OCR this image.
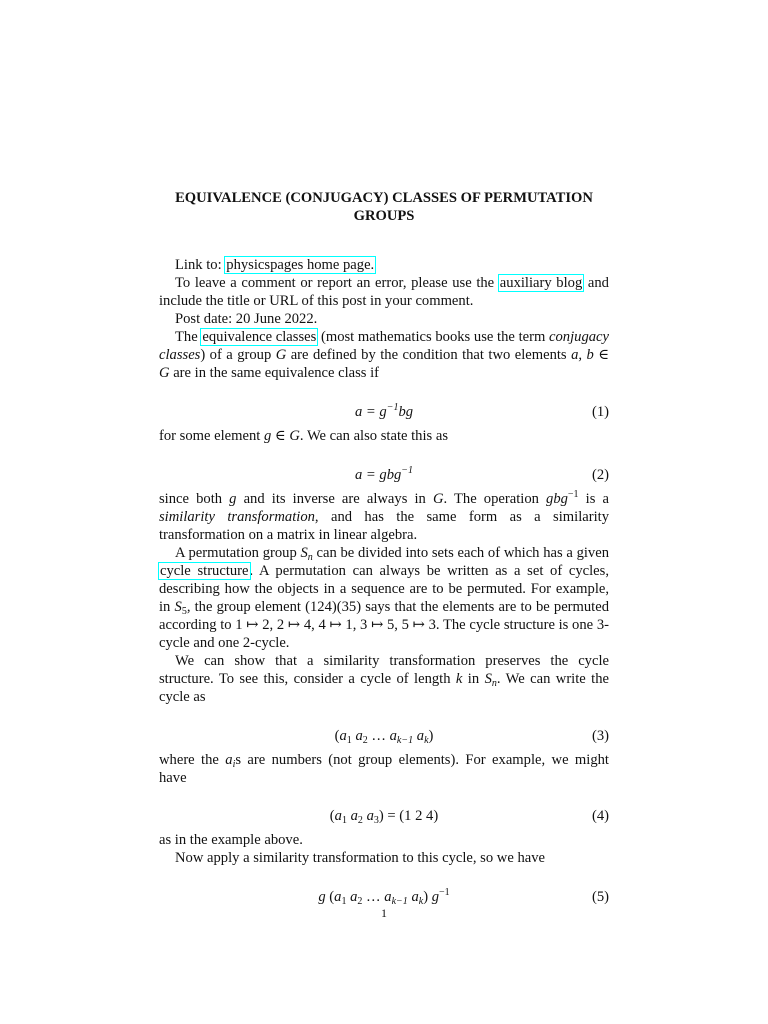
EQUIVALENCE (CONJUGACY) CLASSES OF PERMUTATION GROUPS

Link to: physicspages home page.

To leave a comment or report an error, please use the auxiliary blog and include the title or URL of this post in your comment.

Post date: 20 June 2022.

The equivalence classes (most mathematics books use the term conjugacy classes) of a group G are defined by the condition that two elements a, b ∈ G are in the same equivalence class if

$a = g^{-1}bg$	(1)

for some element g ∈ G. We can also state this as

a = gbg$^{-1}$	(2)

since both g and its inverse are always in G. The operation gbg$^{-1}$ is a similarity transformation, and has the same form as a similarity transformation on a matrix in linear algebra.

A permutation group $S_n$ can be divided into sets each of which has a given cycle structure. A permutation can always be written as a set of cycles, describing how the objects in a sequence are to be permuted. For example, in $S_5$, the group element (124)(35) says that the elements are to be permuted according to 1 ↦ 2, 2 ↦ 4, 4 ↦ 1, 3 ↦ 5, 5 ↦ 3. The cycle structure is one 3-cycle and one 2-cycle.

We can show that a similarity transformation preserves the cycle structure. To see this, consider a cycle of length k in $S_n$. We can write the cycle as

($a_1$ $a_2$ … $a_{k-1}$ $a_k$)	(3)

where the $a_is$ are numbers (not group elements). For example, we might have

($a_1$ $a_2$ $a_3) = (1$ 2 4)	(4)

as in the example above.

Now apply a similarity transformation to this cycle, so we have

g ($a_1$ $a_2$ … $a_{k-1}$ $a_k$) $g^{-1}$	(5)
1
